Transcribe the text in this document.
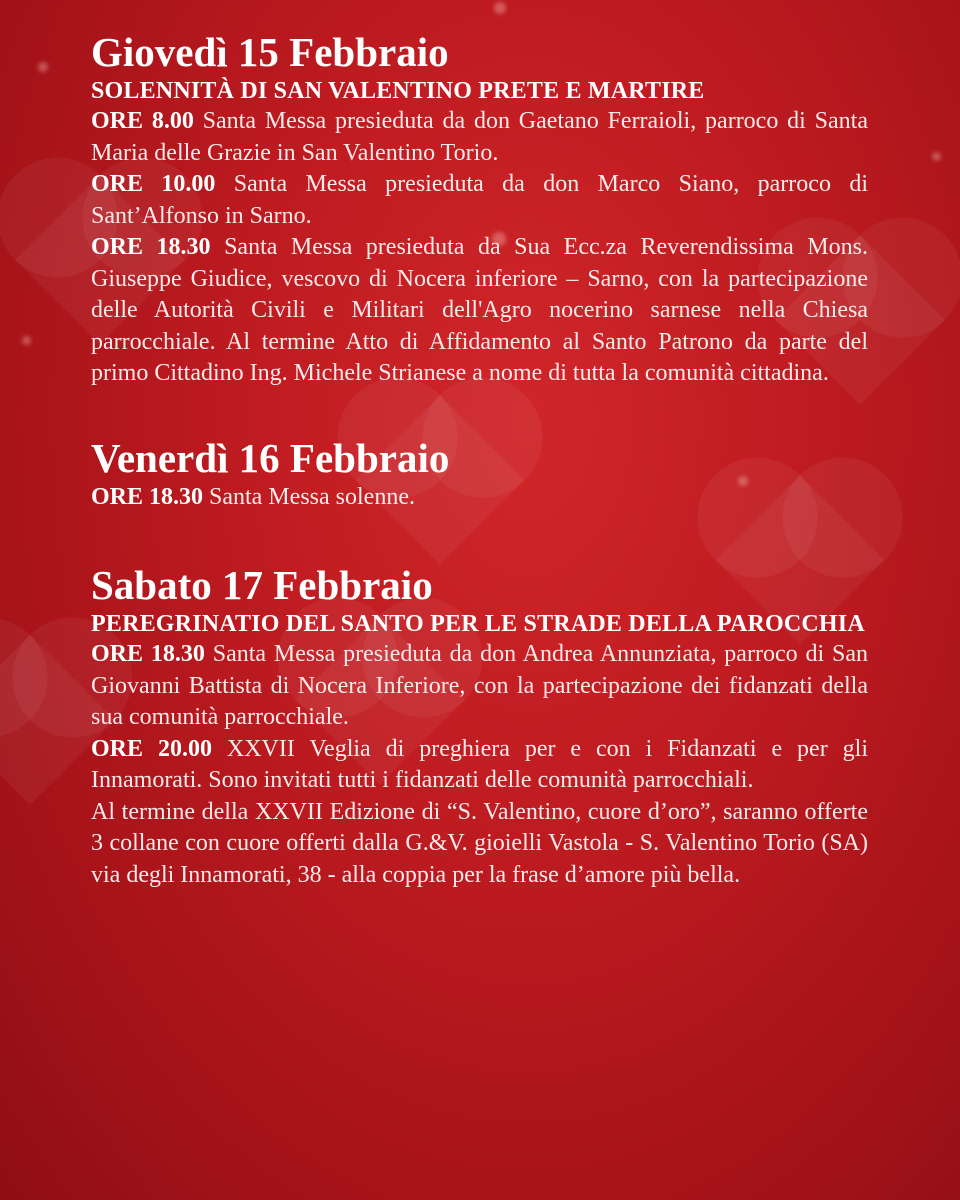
Giovedì 15 Febbraio

SOLENNITÀ DI SAN VALENTINO PRETE E MARTIRE

ORE 8.00 Santa Messa presieduta da don Gaetano Ferraioli, parroco di Santa Maria delle Grazie in San Valentino Torio.

ORE 10.00 Santa Messa presieduta da don Marco Siano, parroco di Sant’Alfonso in Sarno.

ORE 18.30 Santa Messa presieduta da Sua Ecc.za Reverendissima Mons. Giuseppe Giudice, vescovo di Nocera inferiore – Sarno, con la partecipazione delle Autorità Civili e Militari dell'Agro nocerino sarnese nella Chiesa parrocchiale. Al termine Atto di Affidamento al Santo Patrono da parte del primo Cittadino Ing. Michele Strianese a nome di tutta la comunità cittadina.

Venerdì 16 Febbraio

ORE 18.30 Santa Messa solenne.

Sabato 17 Febbraio

PEREGRINATIO DEL SANTO PER LE STRADE DELLA PAROCCHIA

ORE 18.30 Santa Messa presieduta da don Andrea Annunziata, parroco di San Giovanni Battista di Nocera Inferiore, con la partecipazione dei fidanzati della sua comunità parrocchiale.

ORE 20.00 XXVII Veglia di preghiera per e con i Fidanzati e per gli Innamorati. Sono invitati tutti i fidanzati delle comunità parrocchiali.

Al termine della XXVII Edizione di “S. Valentino, cuore d’oro”, saranno offerte 3 collane con cuore offerti dalla G.&V. gioielli Vastola - S. Valentino Torio (SA) via degli Innamorati, 38 - alla coppia per la frase d’amore più bella.
